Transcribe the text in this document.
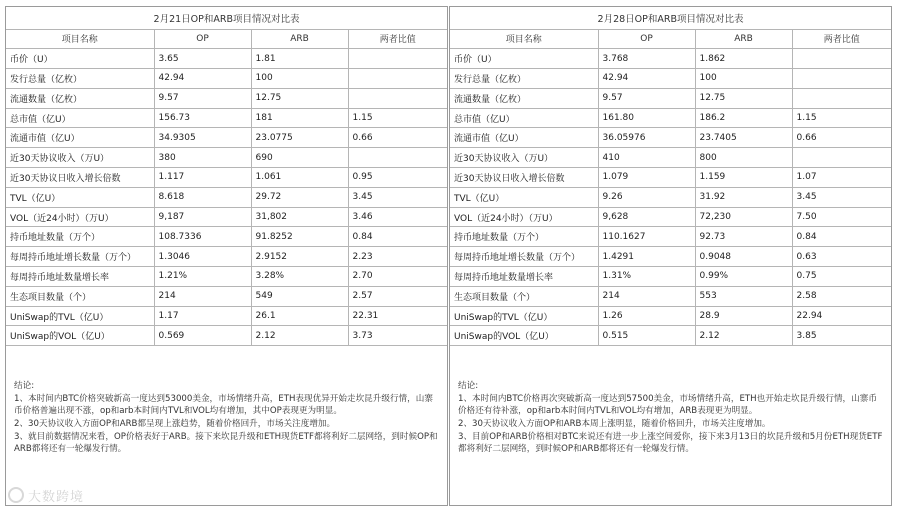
2月21日OP和ARB项目情况对比表			
项目名称	OP	ARB	两者比值
币价（U）	3.65	1.81	
发行总量（亿枚）	42.94	100	
流通数量（亿枚）	9.57	12.75	
总市值（亿U）	156.73	181	1.15
流通市值（亿U）	34.9305	23.0775	0.66
近30天协议收入（万U）	380	690	
近30天协议日收入增长倍数	1.117	1.061	0.95
TVL（亿U）	8.618	29.72	3.45
VOL（近24小时）（万U）	9,187	31,802	3.46
持币地址数量（万个）	108.7336	91.8252	0.84
每周持币地址增长数量（万个）	1.3046	2.9152	2.23
每周持币地址数量增长率	1.21%	3.28%	2.70
生态项目数量（个）	214	549	2.57
UniSwap的TVL（亿U）	1.17	26.1	22.31
UniSwap的VOL（亿U）	0.569	2.12	3.73
结论:
1、本时间内BTC价格突破新高一度达到53000美金，市场情绪升高，ETH表现优异开始走坎昆升级行情，山寨币价格普遍出现不涨，op和arb本时间内TVL和VOL均有增加，其中OP表现更为明显。
2、30天协议收入方面OP和ARB都呈现上涨趋势，随着价格回升，市场关注度增加。
3、就目前数据情况来看，OP价格表好于ARB。接下来坎昆升级和ETH现货ETF都将利好二层网络，到时候OP和ARB都将还有一轮爆发行情。
2月28日OP和ARB项目情况对比表			
项目名称	OP	ARB	两者比值
币价（U）	3.768	1.862	
发行总量（亿枚）	42.94	100	
流通数量（亿枚）	9.57	12.75	
总市值（亿U）	161.80	186.2	1.15
流通市值（亿U）	36.05976	23.7405	0.66
近30天协议收入（万U）	410	800	
近30天协议日收入增长倍数	1.079	1.159	1.07
TVL（亿U）	9.26	31.92	3.45
VOL（近24小时）（万U）	9,628	72,230	7.50
持币地址数量（万个）	110.1627	92.73	0.84
每周持币地址增长数量（万个）	1.4291	0.9048	0.63
每周持币地址数量增长率	1.31%	0.99%	0.75
生态项目数量（个）	214	553	2.58
UniSwap的TVL（亿U）	1.26	28.9	22.94
UniSwap的VOL（亿U）	0.515	2.12	3.85
结论:
1、本时间内BTC价格再次突破新高一度达到57500美金，市场情绪升高，ETH也开始走坎昆升级行情，山寨币价格还有待补涨，op和arb本时间内TVL和VOL均有增加，ARB表现更为明显。
2、30天协议收入方面OP和ARB本周上涨明显，随着价格回升，市场关注度增加。
3、目前OP和ARB价格相对BTC来说还有进一步上涨空间爱你，接下来3月13日的坎昆升级和5月份ETH现货ETF都将利好二层网络，到时候OP和ARB都将还有一轮爆发行情。
大数跨境
